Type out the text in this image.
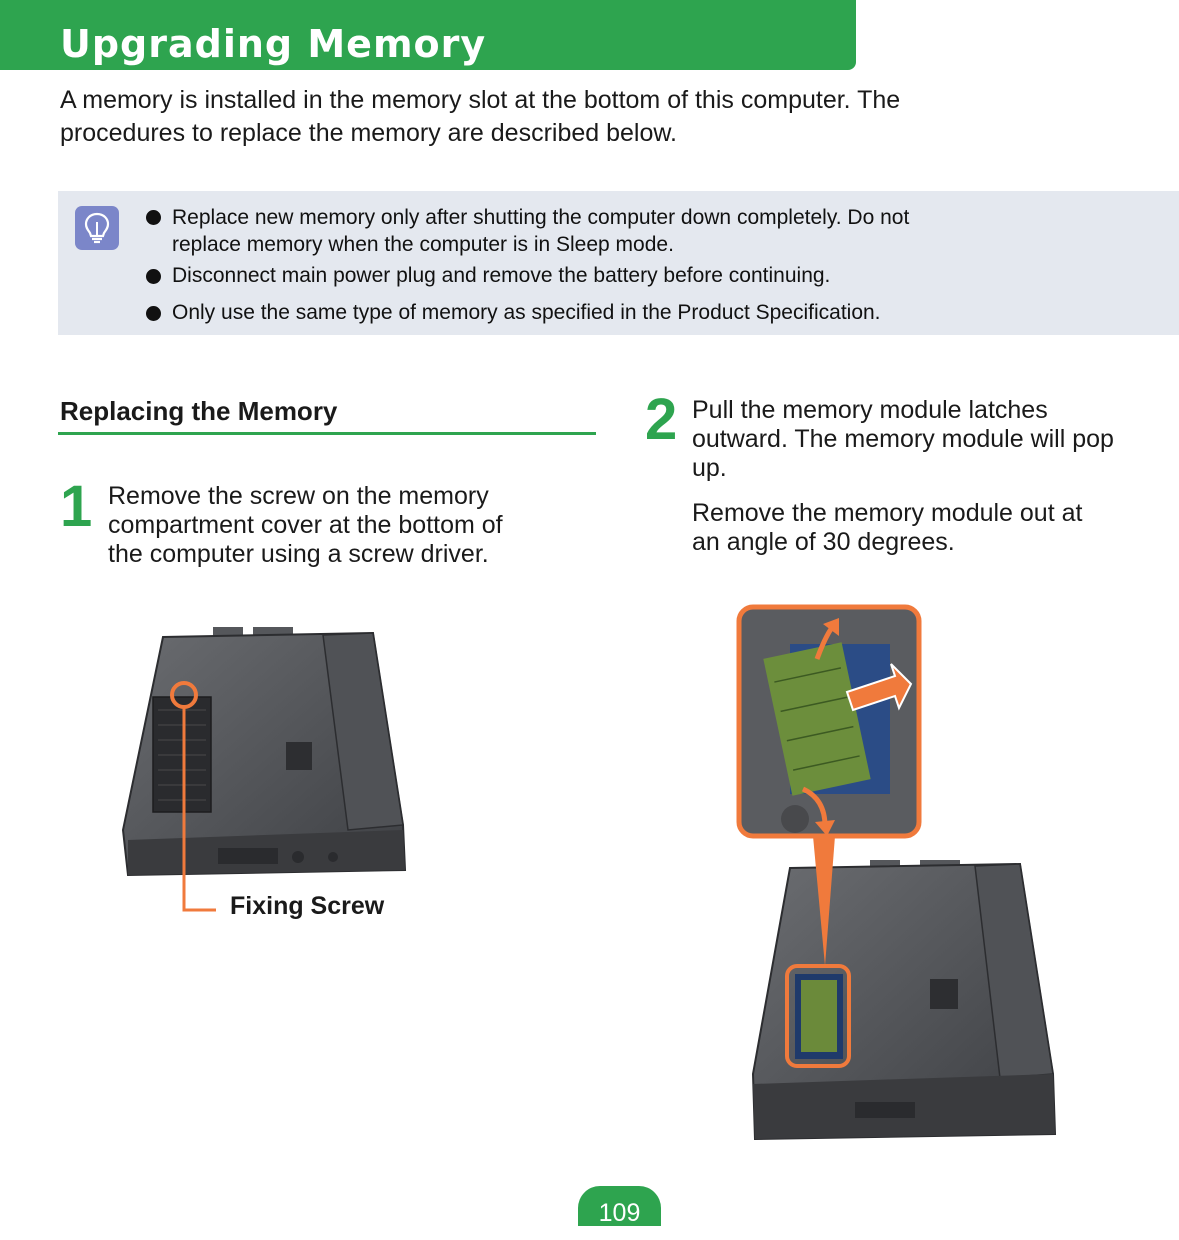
Upgrading Memory
A memory is installed in the memory slot at the bottom of this computer. The
procedures to replace the memory are described below.
Replace new memory only after shutting the computer down completely. Do not
replace memory when the computer is in Sleep mode.
Disconnect main power plug and remove the battery before continuing.
Only use the same type of memory as specified in the Product Specification.
Replacing the Memory
1 Remove the screw on the memory
compartment cover at the bottom of
the computer using a screw driver.
Fixing Screw
2 Pull the memory module latches
outward. The memory module will pop
up.
Remove the memory module out at
an angle of 30 degrees.
109
